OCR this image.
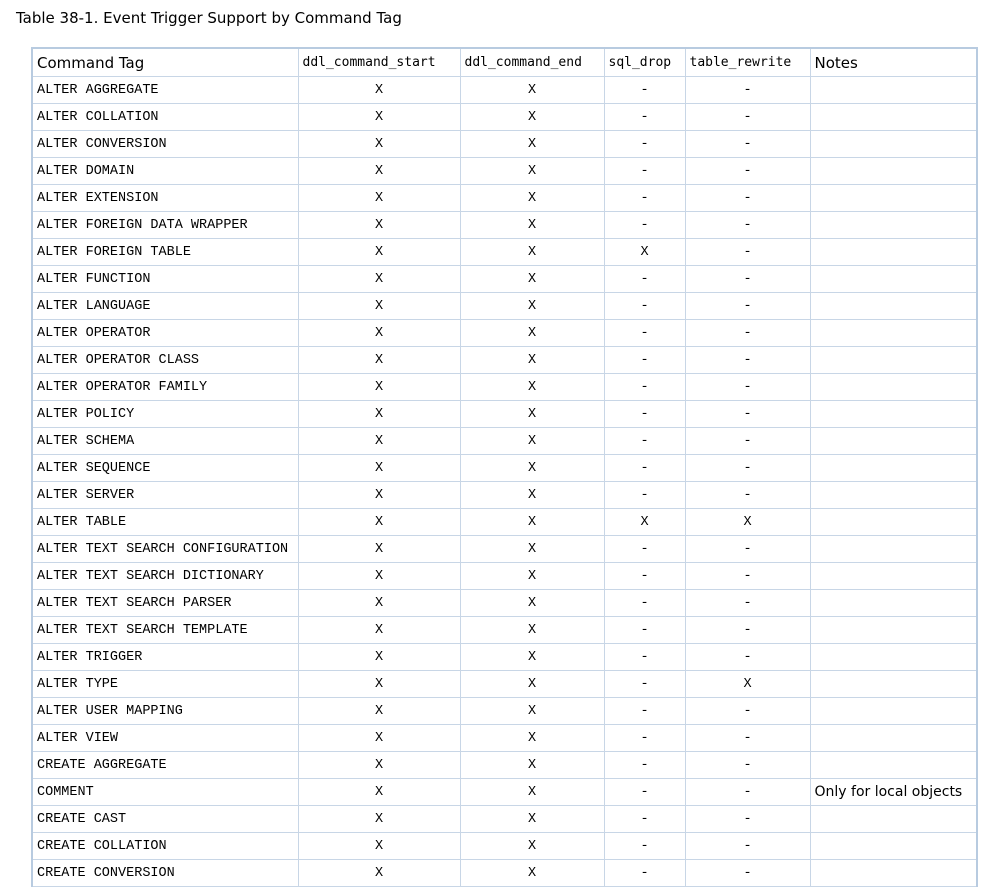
Table 38-1. Event Trigger Support by Command Tag
Command Tag	ddl_command_start	ddl_command_end	sql_drop	table_rewrite	Notes
ALTER AGGREGATE	X	X	-	-	
ALTER COLLATION	X	X	-	-	
ALTER CONVERSION	X	X	-	-	
ALTER DOMAIN	X	X	-	-	
ALTER EXTENSION	X	X	-	-	
ALTER FOREIGN DATA WRAPPER	X	X	-	-	
ALTER FOREIGN TABLE	X	X	X	-	
ALTER FUNCTION	X	X	-	-	
ALTER LANGUAGE	X	X	-	-	
ALTER OPERATOR	X	X	-	-	
ALTER OPERATOR CLASS	X	X	-	-	
ALTER OPERATOR FAMILY	X	X	-	-	
ALTER POLICY	X	X	-	-	
ALTER SCHEMA	X	X	-	-	
ALTER SEQUENCE	X	X	-	-	
ALTER SERVER	X	X	-	-	
ALTER TABLE	X	X	X	X	
ALTER TEXT SEARCH CONFIGURATION	X	X	-	-	
ALTER TEXT SEARCH DICTIONARY	X	X	-	-	
ALTER TEXT SEARCH PARSER	X	X	-	-	
ALTER TEXT SEARCH TEMPLATE	X	X	-	-	
ALTER TRIGGER	X	X	-	-	
ALTER TYPE	X	X	-	X	
ALTER USER MAPPING	X	X	-	-	
ALTER VIEW	X	X	-	-	
CREATE AGGREGATE	X	X	-	-	
COMMENT	X	X	-	-	Only for local objects
CREATE CAST	X	X	-	-	
CREATE COLLATION	X	X	-	-	
CREATE CONVERSION	X	X	-	-	
